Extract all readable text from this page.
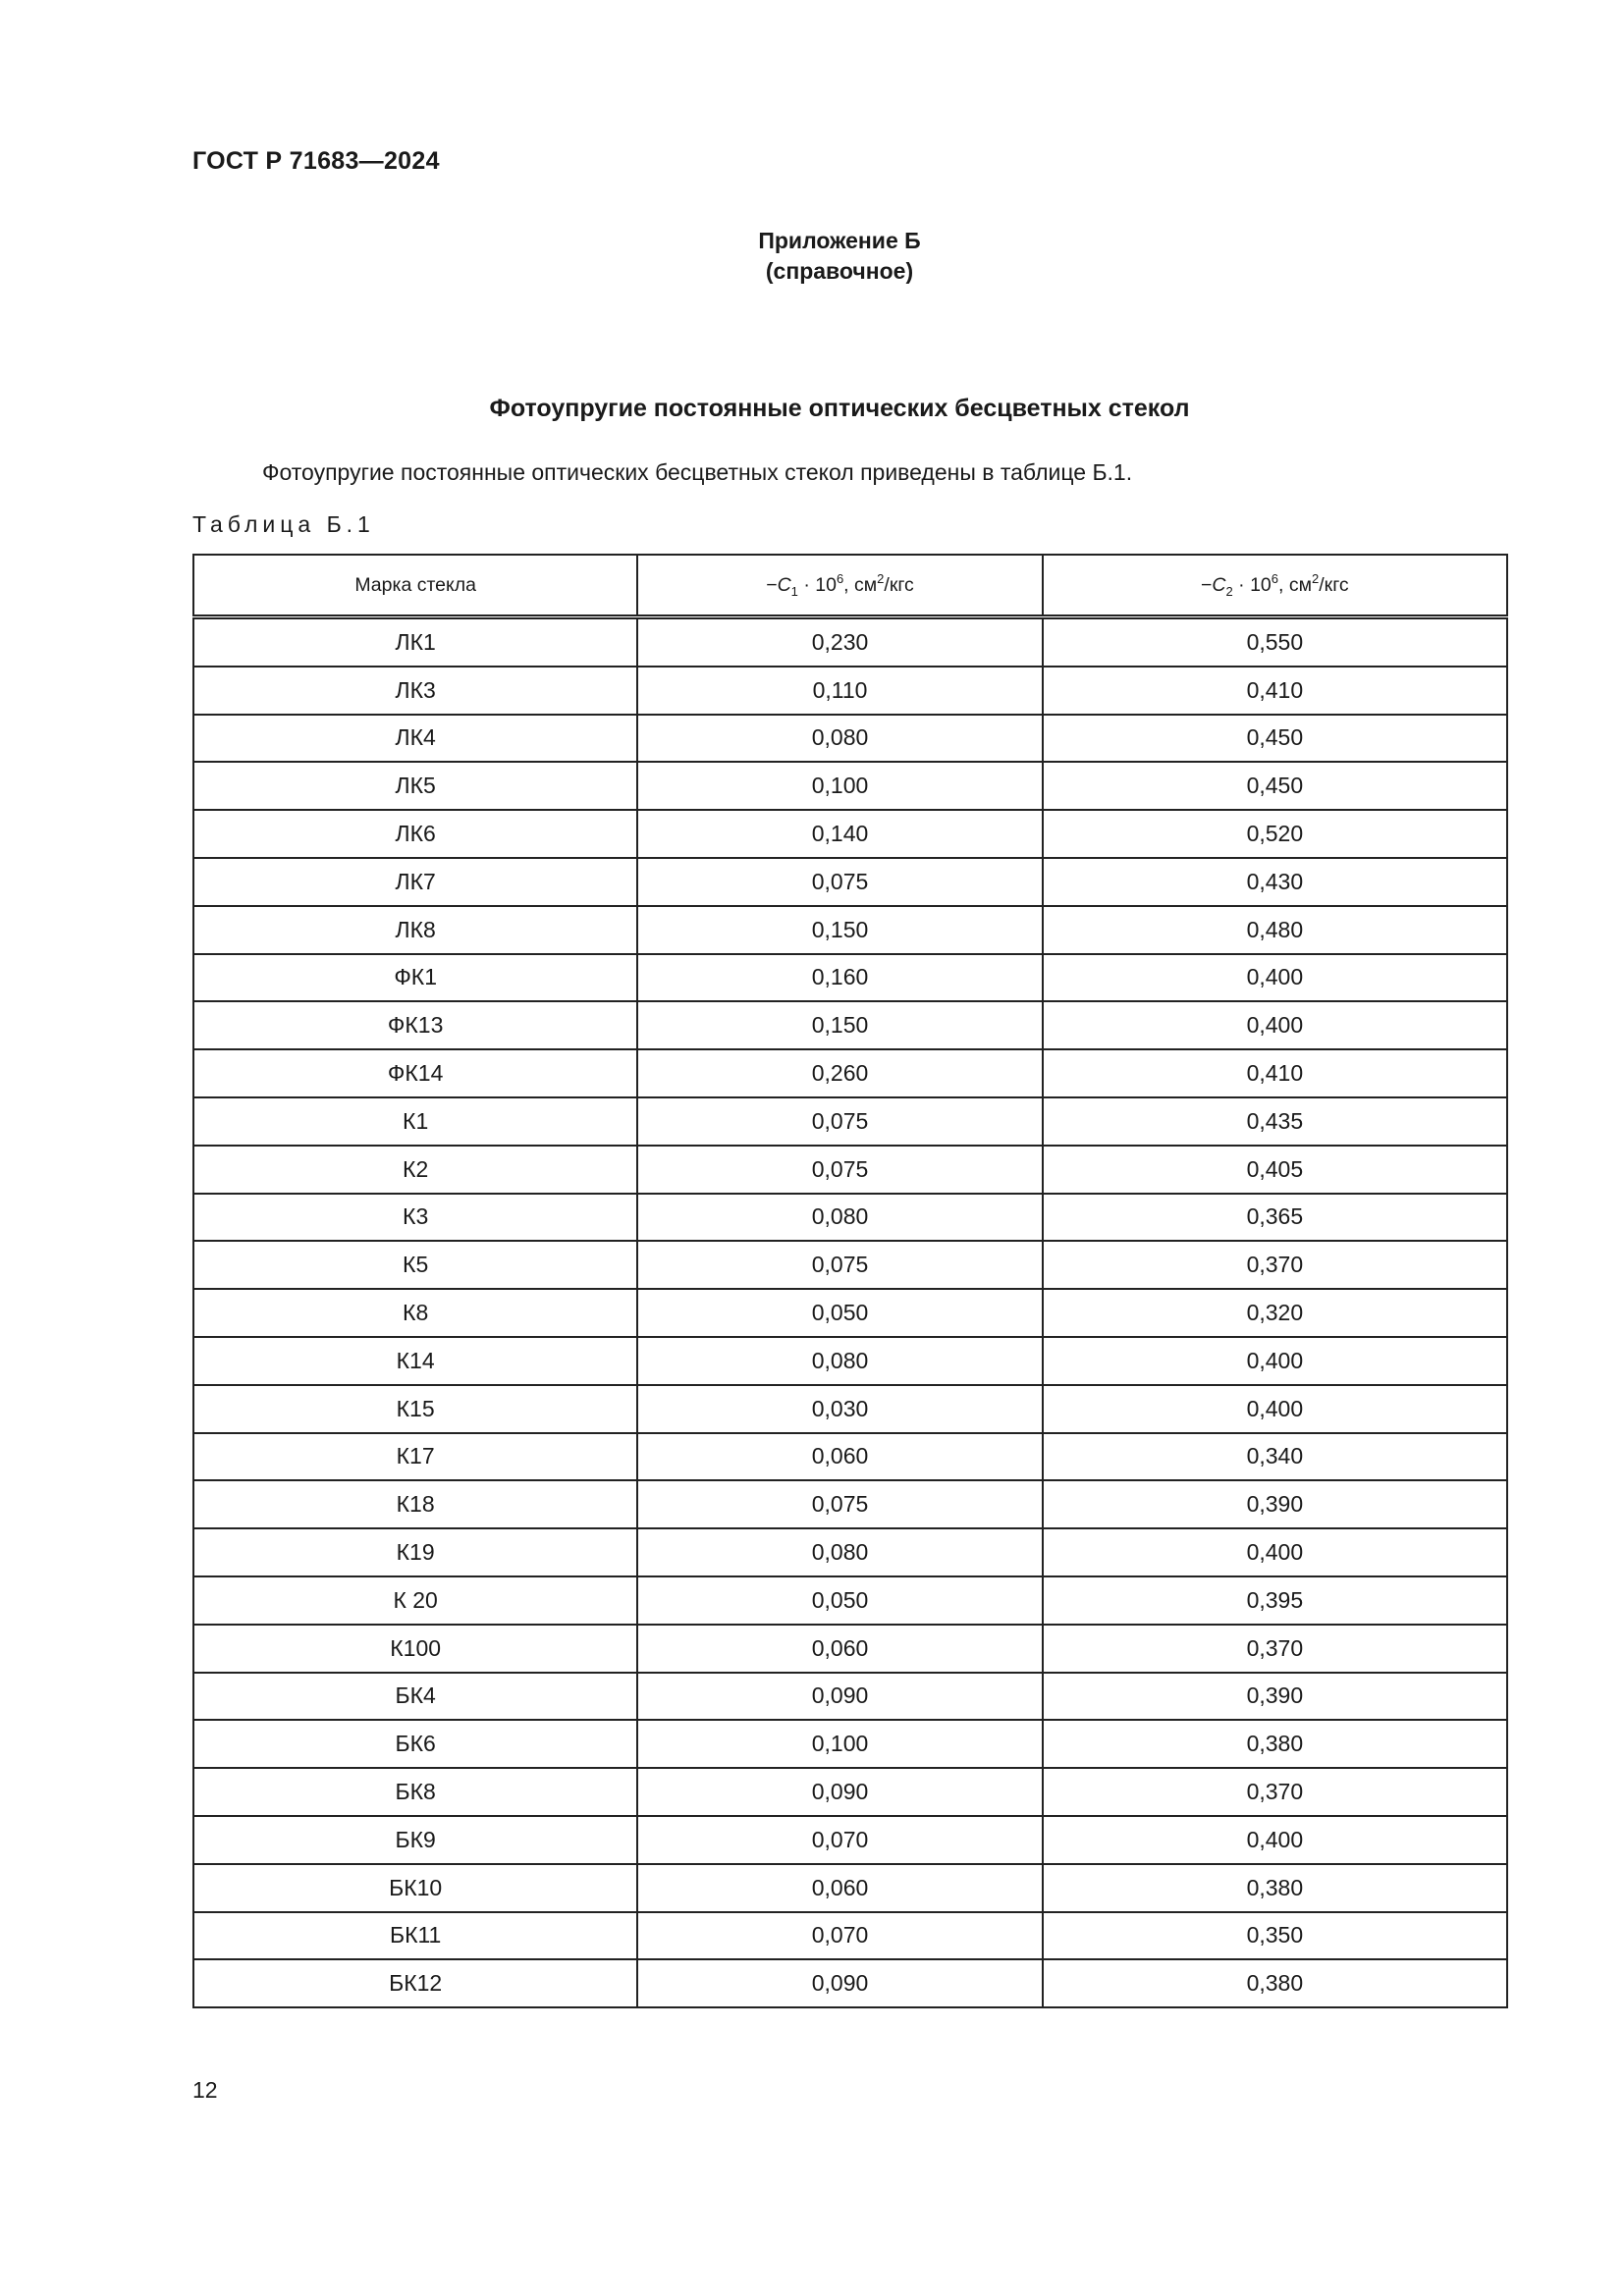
ГОСТ Р 71683—2024
Приложение Б
(справочное)
Фотоупругие постоянные оптических бесцветных стекол
Фотоупругие постоянные оптических бесцветных стекол приведены в таблице Б.1.
Таблица Б.1
Марка стекла	$-C_1 \cdot 10^6$, $см^2$/кгс	$-C_2 \cdot 10^6$, $см^2$/кгс
ЛК1	0,230	0,550
ЛК3	0,110	0,410
ЛК4	0,080	0,450
ЛК5	0,100	0,450
ЛК6	0,140	0,520
ЛК7	0,075	0,430
ЛК8	0,150	0,480
ФК1	0,160	0,400
ФК13	0,150	0,400
ФК14	0,260	0,410
К1	0,075	0,435
К2	0,075	0,405
К3	0,080	0,365
К5	0,075	0,370
К8	0,050	0,320
К14	0,080	0,400
К15	0,030	0,400
К17	0,060	0,340
К18	0,075	0,390
К19	0,080	0,400
К 20	0,050	0,395
К100	0,060	0,370
БК4	0,090	0,390
БК6	0,100	0,380
БК8	0,090	0,370
БК9	0,070	0,400
БК10	0,060	0,380
БК11	0,070	0,350
БК12	0,090	0,380
12
